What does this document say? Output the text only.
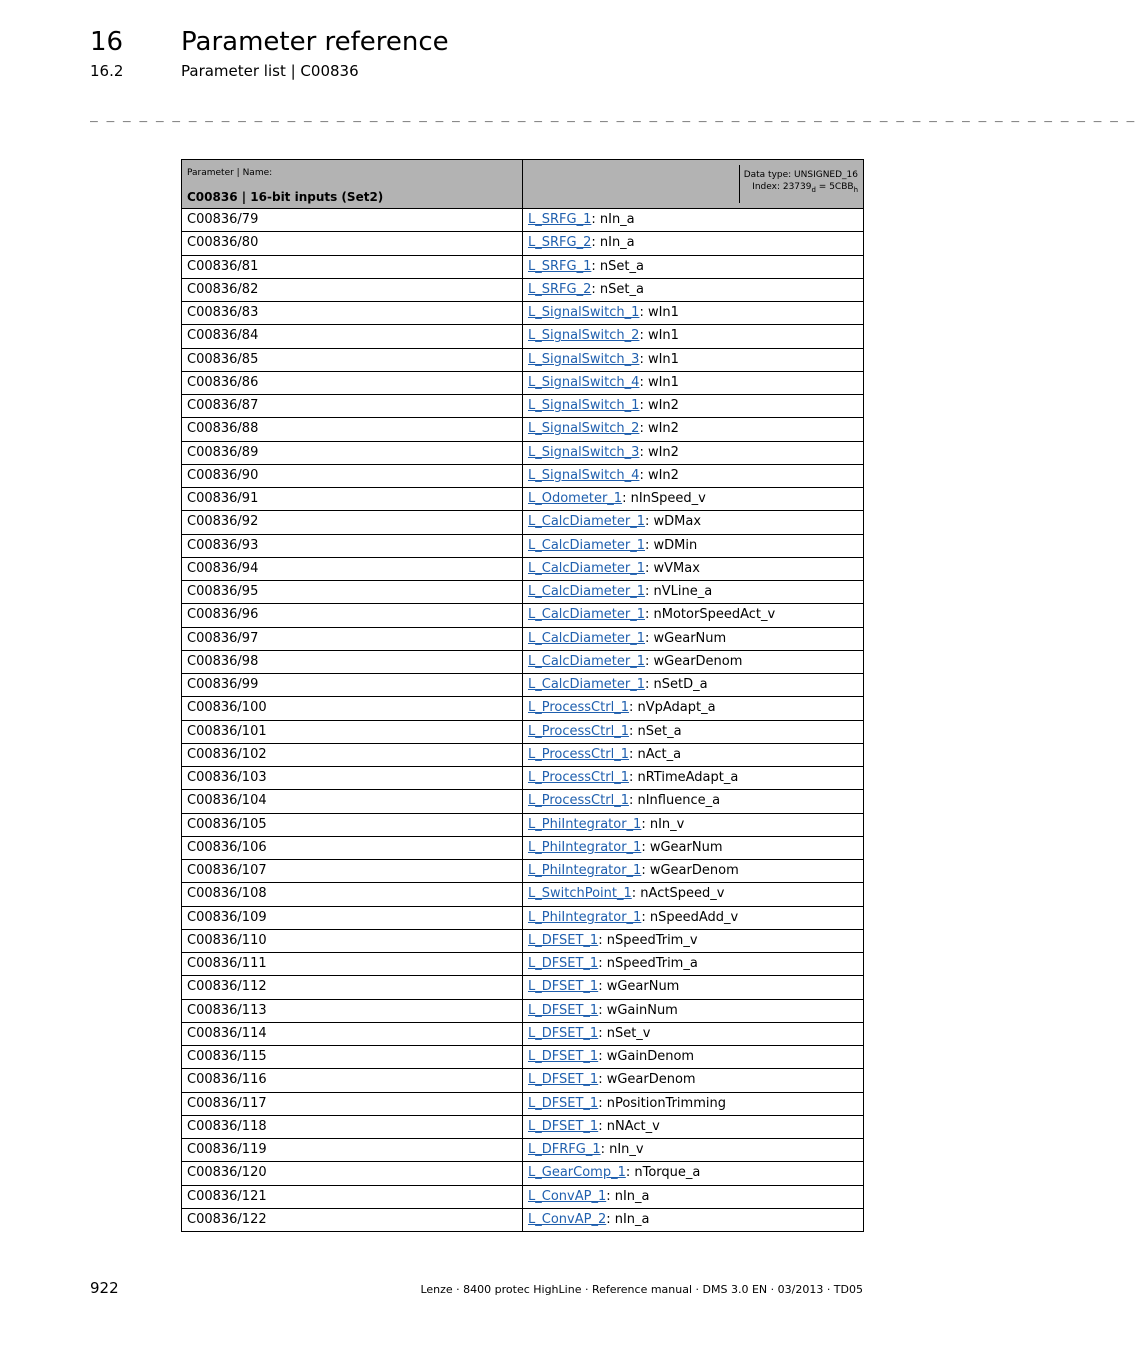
16 Parameter reference
16.2	Parameter list | C00836
_ _ _ _ _ _ _ _ _ _ _ _ _ _ _ _ _ _ _ _ _ _ _ _ _ _ _ _ _ _ _ _ _ _ _ _ _ _ _ _ _ _ _ _ _ _ _ _ _ _ _ _ _ _ _ _ _ _ _ _ _ _ _ _
Parameter | Name:
C00836 | 16-bit inputs (Set2)	Data type: UNSIGNED_16
Index: $23739_d = 5CBB_h$

C00836/79	L_SRFG_1: nIn_a
C00836/80	L_SRFG_2: nIn_a
C00836/81	L_SRFG_1: nSet_a
C00836/82	L_SRFG_2: nSet_a
C00836/83	L_SignalSwitch_1: wIn1
C00836/84	L_SignalSwitch_2: wIn1
C00836/85	L_SignalSwitch_3: wIn1
C00836/86	L_SignalSwitch_4: wIn1
C00836/87	L_SignalSwitch_1: wIn2
C00836/88	L_SignalSwitch_2: wIn2
C00836/89	L_SignalSwitch_3: wIn2
C00836/90	L_SignalSwitch_4: wIn2
C00836/91	L_Odometer_1: nInSpeed_v
C00836/92	L_CalcDiameter_1: wDMax
C00836/93	L_CalcDiameter_1: wDMin
C00836/94	L_CalcDiameter_1: wVMax
C00836/95	L_CalcDiameter_1: nVLine_a
C00836/96	L_CalcDiameter_1: nMotorSpeedAct_v
C00836/97	L_CalcDiameter_1: wGearNum
C00836/98	L_CalcDiameter_1: wGearDenom
C00836/99	L_CalcDiameter_1: nSetD_a
C00836/100	L_ProcessCtrl_1: nVpAdapt_a
C00836/101	L_ProcessCtrl_1: nSet_a
C00836/102	L_ProcessCtrl_1: nAct_a
C00836/103	L_ProcessCtrl_1: nRTimeAdapt_a
C00836/104	L_ProcessCtrl_1: nInfluence_a
C00836/105	L_PhiIntegrator_1: nIn_v
C00836/106	L_PhiIntegrator_1: wGearNum
C00836/107	L_PhiIntegrator_1: wGearDenom
C00836/108	L_SwitchPoint_1: nActSpeed_v
C00836/109	L_PhiIntegrator_1: nSpeedAdd_v
C00836/110	L_DFSET_1: nSpeedTrim_v
C00836/111	L_DFSET_1: nSpeedTrim_a
C00836/112	L_DFSET_1: wGearNum
C00836/113	L_DFSET_1: wGainNum
C00836/114	L_DFSET_1: nSet_v
C00836/115	L_DFSET_1: wGainDenom
C00836/116	L_DFSET_1: wGearDenom
C00836/117	L_DFSET_1: nPositionTrimming
C00836/118	L_DFSET_1: nNAct_v
C00836/119	L_DFRFG_1: nIn_v
C00836/120	L_GearComp_1: nTorque_a
C00836/121	L_ConvAP_1: nIn_a
C00836/122	L_ConvAP_2: nIn_a
922	Lenze · 8400 protec HighLine · Reference manual · DMS 3.0 EN · 03/2013 · TD05
